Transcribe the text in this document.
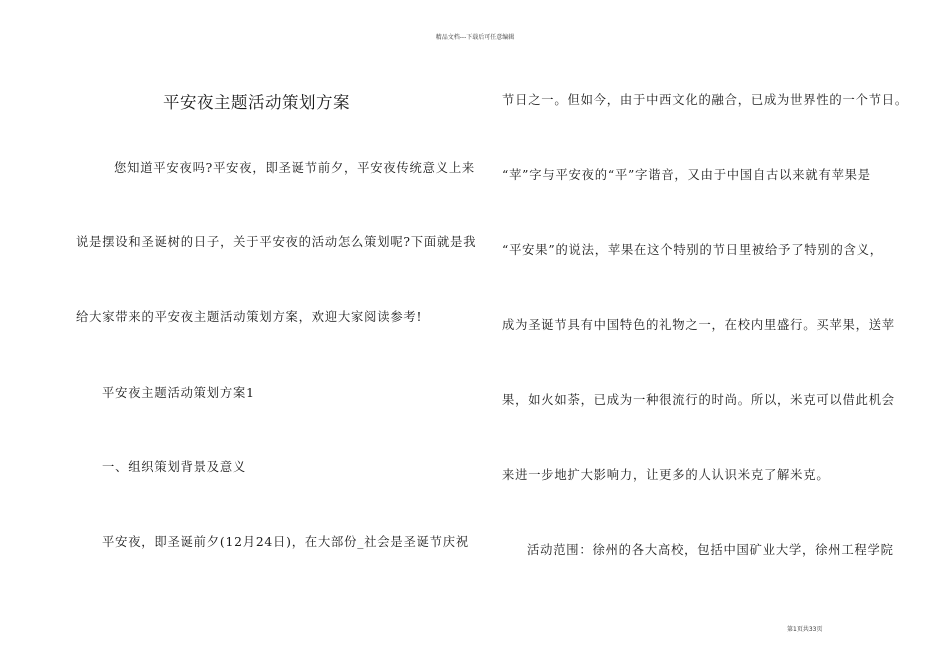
精品文档---下载后可任意编辑
平安夜主题活动策划方案
您知道平安夜吗?平安夜，即圣诞节前夕，平安夜传统意义上来
说是摆设和圣诞树的日子，关于平安夜的活动怎么策划呢?下面就是我
给大家带来的平安夜主题活动策划方案，欢迎大家阅读参考!
平安夜主题活动策划方案1
一、组织策划背景及意义
平安夜，即圣诞前夕(12月24日)，在大部份_社会是圣诞节庆祝
节日之一。但如今，由于中西文化的融合，已成为世界性的一个节日。
“苹”字与平安夜的“平”字谐音，又由于中国自古以来就有苹果是
“平安果”的说法，苹果在这个特别的节日里被给予了特别的含义，
成为圣诞节具有中国特色的礼物之一，在校内里盛行。买苹果，送苹
果，如火如荼，已成为一种很流行的时尚。所以，米克可以借此机会
来进一步地扩大影响力，让更多的人认识米克了解米克。
活动范围：徐州的各大高校，包括中国矿业大学，徐州工程学院
第1页共33页
